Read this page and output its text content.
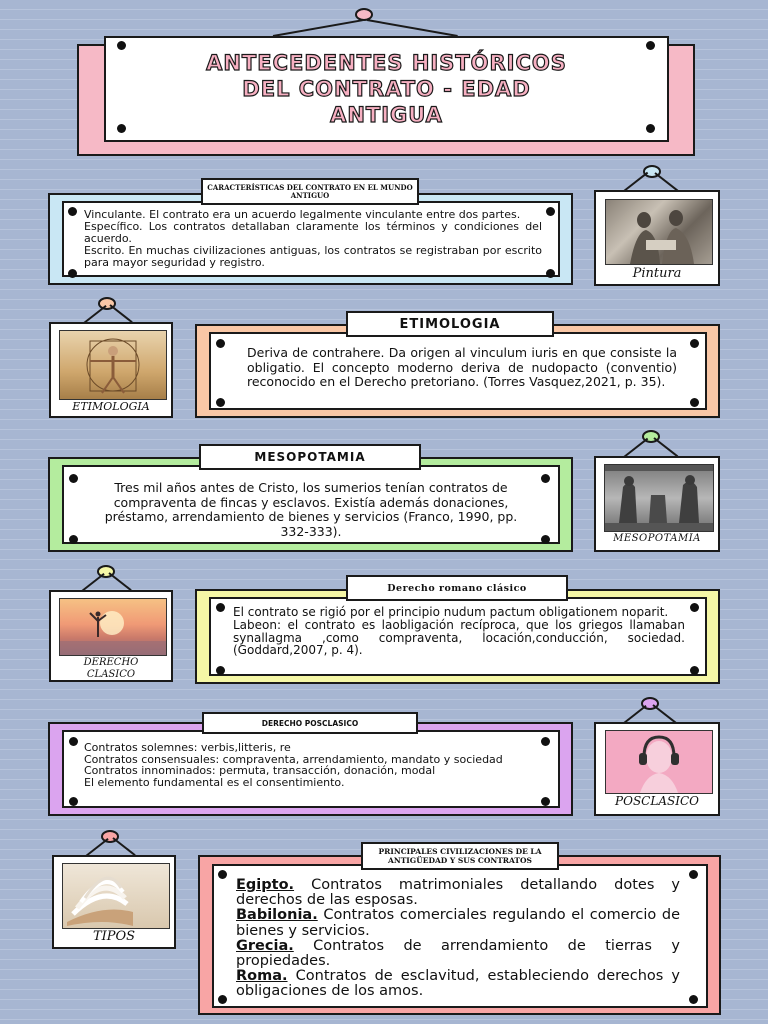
ANTECEDENTES HISTÓRICOS
DEL CONTRATO - EDAD
ANTIGUA
Vinculante. El contrato era un acuerdo legalmente vinculante entre dos partes.
Específico. Los contratos detallaban claramente los términos y condiciones del acuerdo.
Escrito. En muchas civilizaciones antiguas, los contratos se registraban por escrito para mayor seguridad y registro.
CARACTERÍSTICAS DEL CONTRATO EN EL MUNDO ANTIGUO
Pintura
Deriva de contrahere. Da origen al vinculum iuris en que consiste la obligatio. El concepto moderno deriva de nudopacto (conventio) reconocido en el Derecho pretoriano. (Torres Vasquez,2021, p. 35).
ETIMOLOGIA
ETIMOLOGIA
Tres mil años antes de Cristo, los sumerios tenían contratos de compraventa de fincas y esclavos. Existía además donaciones, préstamo, arrendamiento de bienes y servicios (Franco, 1990, pp. 332-333).
MESOPOTAMIA
MESOPOTAMIA
El contrato se rigió por el principio nudum pactum obligationem noparit.
Labeon: el contrato es laobligación recíproca, que los griegos llamaban synallagma ,como compraventa, locación,conducción, sociedad. (Goddard,2007, p. 4).
Derecho romano clásico
DERECHO
CLASICO
Contratos solemnes: verbis,litteris, re
Contratos consensuales: compraventa, arrendamiento, mandato y sociedad
Contratos innominados: permuta, transacción, donación, modal
El elemento fundamental es el consentimiento.
DERECHO POSCLASICO
POSCLASICO
Egipto. Contratos matrimoniales detallando dotes y derechos de las esposas.
Babilonia. Contratos comerciales regulando el comercio de bienes y servicios.
Grecia. Contratos de arrendamiento de tierras y propiedades.
Roma. Contratos de esclavitud, estableciendo derechos y obligaciones de los amos.
PRINCIPALES CIVILIZACIONES DE LA ANTIGÜEDAD Y SUS CONTRATOS
TIPOS
